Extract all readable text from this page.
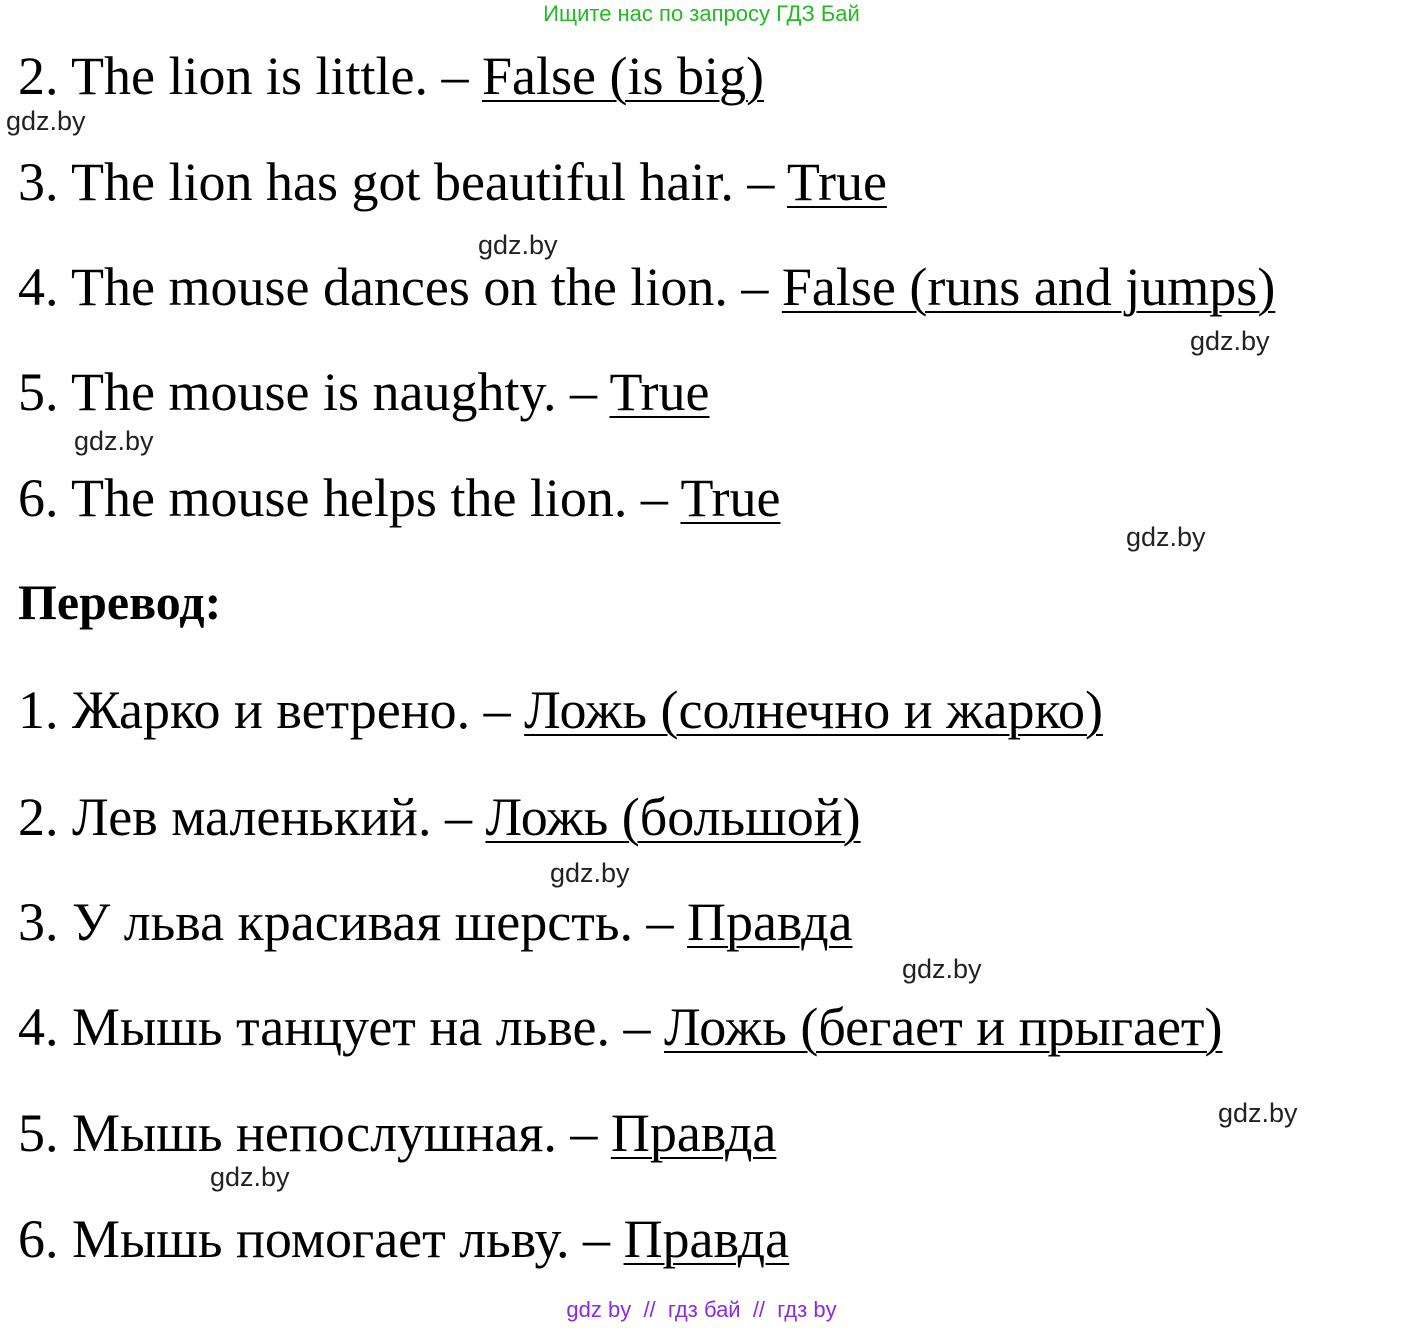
Ищите нас по запросу ГДЗ Бай
2. The lion is little. – False (is big)
3. The lion has got beautiful hair. – True
4. The mouse dances on the lion. – False (runs and jumps)
5. The mouse is naughty. – True
6. The mouse helps the lion. – True
Перевод:
1. Жарко и ветрено. – Ложь (солнечно и жарко)
2. Лев маленький. – Ложь (большой)
3. У льва красивая шерсть. – Правда
4. Мышь танцует на льве. – Ложь (бегает и прыгает)
5. Мышь непослушная. – Правда
6. Мышь помогает льву. – Правда
gdz.by
gdz.by
gdz.by
gdz.by
gdz.by
gdz.by
gdz.by
gdz.by
gdz.by
gdz by  //  гдз бай  //  гдз by
